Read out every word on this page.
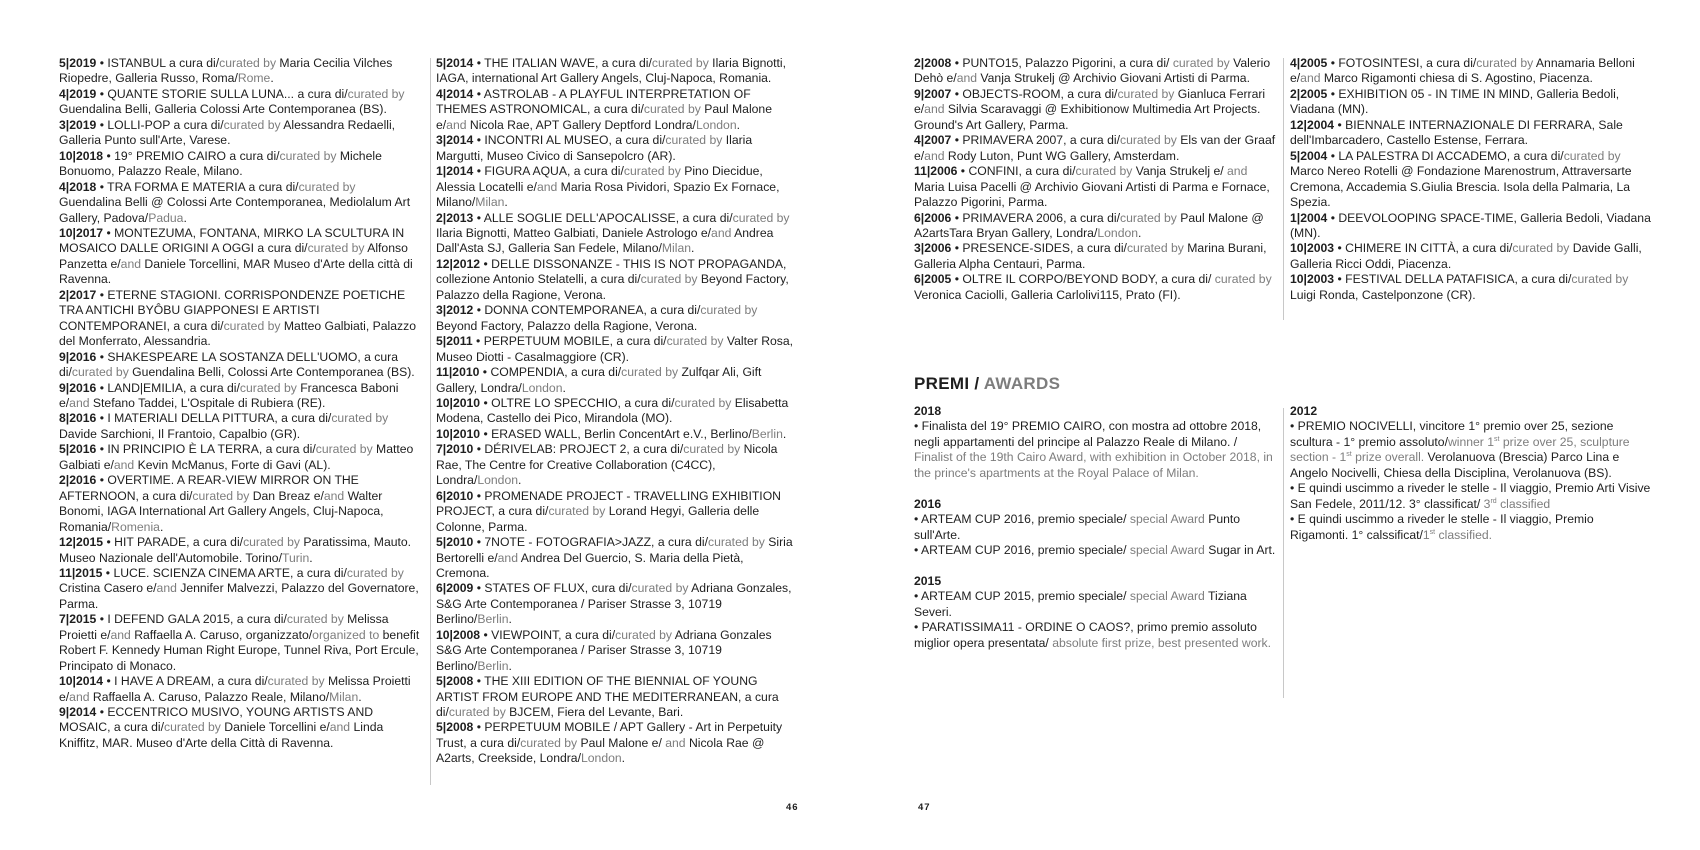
5|2019 • ISTANBUL a cura di/curated by Maria Cecilia Vilches Riopedre, Galleria Russo, Roma/Rome.

4|2019 • QUANTE STORIE SULLA LUNA... a cura di/curated by Guendalina Belli, Galleria Colossi Arte Contemporanea (BS).

3|2019 • LOLLI-POP a cura di/curated by Alessandra Redaelli, Galleria Punto sull'Arte, Varese.

10|2018 • 19° PREMIO CAIRO a cura di/curated by Michele Bonuomo, Palazzo Reale, Milano.

4|2018 • TRA FORMA E MATERIA a cura di/curated by Guendalina Belli @ Colossi Arte Contemporanea, Mediolalum Art Gallery, Padova/Padua.

10|2017 • MONTEZUMA, FONTANA, MIRKO LA SCULTURA IN MOSAICO DALLE ORIGINI A OGGI a cura di/curated by Alfonso Panzetta e/and Daniele Torcellini, MAR Museo d'Arte della città di Ravenna.

2|2017 • ETERNE STAGIONI. CORRISPONDENZE POETICHE TRA ANTICHI BYÔBU GIAPPONESI E ARTISTI CONTEMPORANEI, a cura di/curated by Matteo Galbiati, Palazzo del Monferrato, Alessandria.

9|2016 • SHAKESPEARE LA SOSTANZA DELL'UOMO, a cura di/curated by Guendalina Belli, Colossi Arte Contemporanea (BS).

9|2016 • LAND|EMILIA, a cura di/curated by Francesca Baboni e/and Stefano Taddei, L'Ospitale di Rubiera (RE).

8|2016 • I MATERIALI DELLA PITTURA, a cura di/curated by Davide Sarchioni, Il Frantoio, Capalbio (GR).

5|2016 • IN PRINCIPIO È LA TERRA, a cura di/curated by Matteo Galbiati e/and Kevin McManus, Forte di Gavi (AL).

2|2016 • OVERTIME. A REAR-VIEW MIRROR ON THE AFTERNOON, a cura di/curated by Dan Breaz e/and Walter Bonomi, IAGA International Art Gallery Angels, Cluj-Napoca, Romania/Romenia.

12|2015 • HIT PARADE, a cura di/curated by Paratissima, Mauto. Museo Nazionale dell'Automobile. Torino/Turin.

11|2015 • LUCE. SCIENZA CINEMA ARTE, a cura di/curated by Cristina Casero e/and Jennifer Malvezzi, Palazzo del Governatore, Parma.

7|2015 • I DEFEND GALA 2015, a cura di/curated by Melissa Proietti e/and Raffaella A. Caruso, organizzato/organized to benefit Robert F. Kennedy Human Right Europe, Tunnel Riva, Port Ercule, Principato di Monaco.

10|2014 • I HAVE A DREAM, a cura di/curated by Melissa Proietti e/and Raffaella A. Caruso, Palazzo Reale, Milano/Milan.

9|2014 • ECCENTRICO MUSIVO, YOUNG ARTISTS AND MOSAIC, a cura di/curated by Daniele Torcellini e/and Linda Kniffitz, MAR. Museo d'Arte della Città di Ravenna.

5|2014 • THE ITALIAN WAVE, a cura di/curated by Ilaria Bignotti, IAGA, international Art Gallery Angels, Cluj-Napoca, Romania.

4|2014 • ASTROLAB - A PLAYFUL INTERPRETATION OF THEMES ASTRONOMICAL, a cura di/curated by Paul Malone e/and Nicola Rae, APT Gallery Deptford Londra/London.

3|2014 • INCONTRI AL MUSEO, a cura di/curated by Ilaria Margutti, Museo Civico di Sansepolcro (AR).

1|2014 • FIGURA AQUA, a cura di/curated by Pino Diecidue, Alessia Locatelli e/and Maria Rosa Pividori, Spazio Ex Fornace, Milano/Milan.

2|2013 • ALLE SOGLIE DELL'APOCALISSE, a cura di/curated by Ilaria Bignotti, Matteo Galbiati, Daniele Astrologo e/and Andrea Dall'Asta SJ, Galleria San Fedele, Milano/Milan.

12|2012 • DELLE DISSONANZE - THIS IS NOT PROPAGANDA, collezione Antonio Stelatelli, a cura di/curated by Beyond Factory, Palazzo della Ragione, Verona.

3|2012 • DONNA CONTEMPORANEA, a cura di/curated by Beyond Factory, Palazzo della Ragione, Verona.

5|2011 • PERPETUUM MOBILE, a cura di/curated by Valter Rosa, Museo Diotti - Casalmaggiore (CR).

11|2010 • COMPENDIA, a cura di/curated by Zulfqar Ali, Gift Gallery, Londra/London.

10|2010 • OLTRE LO SPECCHIO, a cura di/curated by Elisabetta Modena, Castello dei Pico, Mirandola (MO).

10|2010 • ERASED WALL, Berlin ConcentArt e.V., Berlino/Berlin.

7|2010 • DÉRIVELAB: PROJECT 2, a cura di/curated by Nicola Rae, The Centre for Creative Collaboration (C4CC), Londra/London.

6|2010 • PROMENADE PROJECT - TRAVELLING EXHIBITION PROJECT, a cura di/curated by Lorand Hegyi, Galleria delle Colonne, Parma.

5|2010 • 7NOTE - FOTOGRAFIA>JAZZ, a cura di/curated by Siria Bertorelli e/and Andrea Del Guercio, S. Maria della Pietà, Cremona.

6|2009 • STATES OF FLUX, cura di/curated by Adriana Gonzales, S&G Arte Contemporanea / Pariser Strasse 3, 10719 Berlino/Berlin.

10|2008 • VIEWPOINT, a cura di/curated by Adriana Gonzales S&G Arte Contemporanea / Pariser Strasse 3, 10719 Berlino/Berlin.

5|2008 • THE XIII EDITION OF THE BIENNIAL OF YOUNG ARTIST FROM EUROPE AND THE MEDITERRANEAN, a cura di/curated by BJCEM, Fiera del Levante, Bari.

5|2008 • PERPETUUM MOBILE / APT Gallery - Art in Perpetuity Trust, a cura di/curated by Paul Malone e/ and Nicola Rae @ A2arts, Creekside, Londra/London.

2|2008 • PUNTO15, Palazzo Pigorini, a cura di/ curated by Valerio Dehò e/and Vanja Strukelj @ Archivio Giovani Artisti di Parma.

9|2007 • OBJECTS-ROOM, a cura di/curated by Gianluca Ferrari e/and Silvia Scaravaggi @ Exhibitionow Multimedia Art Projects. Ground's Art Gallery, Parma.

4|2007 • PRIMAVERA 2007, a cura di/curated by Els van der Graaf e/and Rody Luton, Punt WG Gallery, Amsterdam.

11|2006 • CONFINI, a cura di/curated by Vanja Strukelj e/ and Maria Luisa Pacelli @ Archivio Giovani Artisti di Parma e Fornace, Palazzo Pigorini, Parma.

6|2006 • PRIMAVERA 2006, a cura di/curated by Paul Malone @ A2artsTara Bryan Gallery, Londra/London.

3|2006 • PRESENCE-SIDES, a cura di/curated by Marina Burani, Galleria Alpha Centauri, Parma.

6|2005 • OLTRE IL CORPO/BEYOND BODY, a cura di/ curated by Veronica Caciolli, Galleria Carlolivi115, Prato (FI).

4|2005 • FOTOSINTESI, a cura di/curated by Annamaria Belloni e/and Marco Rigamonti chiesa di S. Agostino, Piacenza.

2|2005 • EXHIBITION 05 - IN TIME IN MIND, Galleria Bedoli, Viadana (MN).

12|2004 • BIENNALE INTERNAZIONALE DI FERRARA, Sale dell'Imbarcadero, Castello Estense, Ferrara.

5|2004 • LA PALESTRA DI ACCADEMO, a cura di/curated by Marco Nereo Rotelli @ Fondazione Marenostrum, Attraversarte Cremona, Accademia S.Giulia Brescia. Isola della Palmaria, La Spezia.

1|2004 • DEEVOLOOPING SPACE-TIME, Galleria Bedoli, Viadana (MN).

10|2003 • CHIMERE IN CITTÀ, a cura di/curated by Davide Galli, Galleria Ricci Oddi, Piacenza.

10|2003 • FESTIVAL DELLA PATAFISICA, a cura di/curated by Luigi Ronda, Castelponzone (CR).

PREMI / AWARDS

2018

• Finalista del 19° PREMIO CAIRO, con mostra ad ottobre 2018, negli appartamenti del principe al Palazzo Reale di Milano. / Finalist of the 19th Cairo Award, with exhibition in October 2018, in the prince's apartments at the Royal Palace of Milan.

2016

• ARTEAM CUP 2016, premio speciale/ special Award Punto sull'Arte.

• ARTEAM CUP 2016, premio speciale/ special Award Sugar in Art.

2015

• ARTEAM CUP 2015, premio speciale/ special Award Tiziana Severi.

• PARATISSIMA11 - ORDINE O CAOS?, primo premio assoluto miglior opera presentata/ absolute first prize, best presented work.

2012

• PREMIO NOCIVELLI, vincitore 1° premio over 25, sezione scultura - 1° premio assoluto/winner 1st prize over 25, sculpture section - 1st prize overall. Verolanuova (Brescia) Parco Lina e Angelo Nocivelli, Chiesa della Disciplina, Verolanuova (BS).

• E quindi uscimmo a riveder le stelle - Il viaggio, Premio Arti Visive San Fedele, 2011/12. 3° classificat/ 3rd classified

• E quindi uscimmo a riveder le stelle - Il viaggio, Premio Rigamonti. 1° calssificat/1st classified.

46	47
